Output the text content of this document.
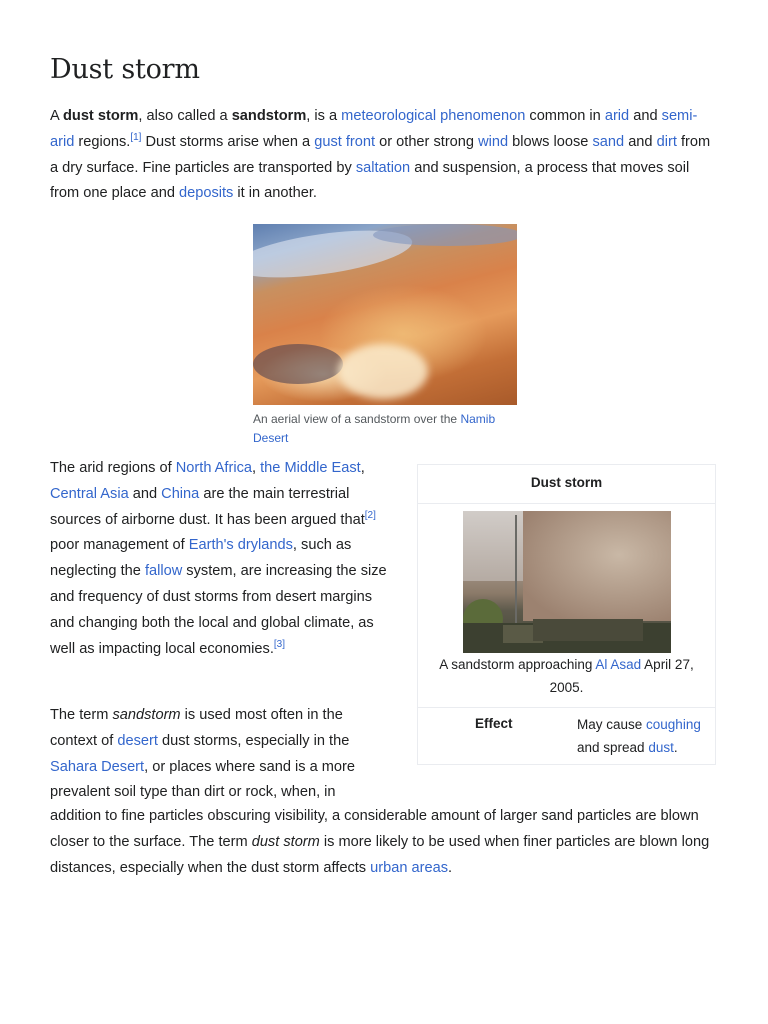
Dust storm

A dust storm, also called a sandstorm, is a meteorological phenomenon common in arid and semi-arid regions.[1] Dust storms arise when a gust front or other strong wind blows loose sand and dirt from a dry surface. Fine particles are transported by saltation and suspension, a process that moves soil from one place and deposits it in another.

An aerial view of a sandstorm over the Namib Desert

The arid regions of North Africa, the Middle East, Central Asia and China are the main terrestrial sources of airborne dust. It has been argued that[2] poor management of Earth's drylands, such as neglecting the fallow system, are increasing the size and frequency of dust storms from desert margins and changing both the local and global climate, as well as impacting local economies.[3]

The term sandstorm is used most often in the context of desert dust storms, especially in the Sahara Desert, or places where sand is a more prevalent soil type than dirt or rock, when, in

addition to fine particles obscuring visibility, a considerable amount of larger sand particles are blown closer to the surface. The term dust storm is more likely to be used when finer particles are blown long distances, especially when the dust storm affects urban areas.

Dust storm
A sandstorm approaching Al Asad April 27, 2005.
Effect	May cause coughing and spread dust.
